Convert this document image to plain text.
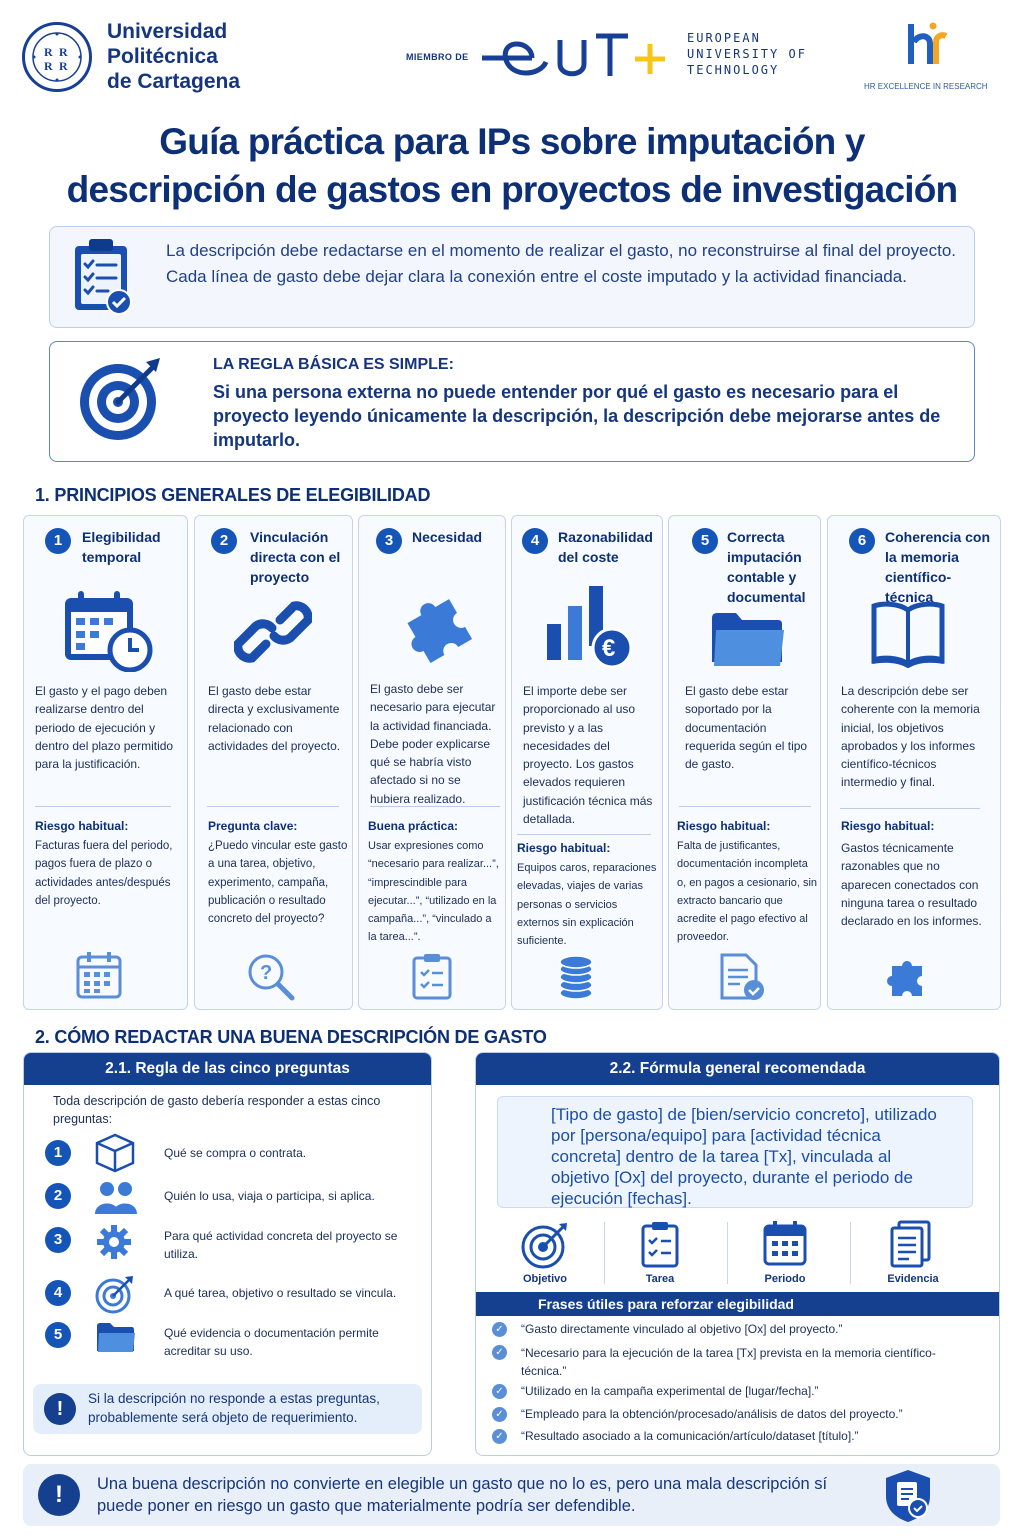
R R
R R
Universidad
Politécnica
de Cartagena
MIEMBRO DE
EUROPEAN
UNIVERSITY OF
TECHNOLOGY
HR EXCELLENCE IN RESEARCH
Guía práctica para IPs sobre imputación y
descripción de gastos en proyectos de investigación
La descripción debe redactarse en el momento de realizar el gasto, no reconstruirse al final del proyecto. Cada línea de gasto debe dejar clara la conexión entre el coste imputado y la actividad financiada.
LA REGLA BÁSICA ES SIMPLE:
Si una persona externa no puede entender por qué el gasto es necesario para el proyecto leyendo únicamente la descripción, la descripción debe mejorarse antes de imputarlo.
1. PRINCIPIOS GENERALES DE ELEGIBILIDAD
1	Elegibilidad temporal
El gasto y el pago deben realizarse dentro del periodo de ejecución y dentro del plazo permitido para la justificación.
Riesgo habitual:
Facturas fuera del periodo, pagos fuera de plazo o actividades antes/después del proyecto.
2	Vinculación directa con el proyecto
El gasto debe estar directa y exclusivamente relacionado con actividades del proyecto.
Pregunta clave:
¿Puedo vincular este gasto a una tarea, objetivo, experimento, campaña, publicación o resultado concreto del proyecto?
?
3	Necesidad
El gasto debe ser necesario para ejecutar la actividad financiada. Debe poder explicarse qué se habría visto afectado si no se hubiera realizado.
Buena práctica:
Usar expresiones como “necesario para realizar...”, “imprescindible para ejecutar...”, “utilizado en la campaña...”, “vinculado a la tarea...”.
4	Razonabilidad del coste
€
El importe debe ser proporcionado al uso previsto y a las necesidades del proyecto. Los gastos elevados requieren justificación técnica más detallada.
Riesgo habitual:
Equipos caros, reparaciones elevadas, viajes de varias personas o servicios externos sin explicación suficiente.
5	Correcta imputación contable y documental
El gasto debe estar soportado por la documentación requerida según el tipo de gasto.
Riesgo habitual:
Falta de justificantes, documentación incompleta o, en pagos a cesionario, sin extracto bancario que acredite el pago efectivo al proveedor.
6	Coherencia con la memoria científico-técnica
La descripción debe ser coherente con la memoria inicial, los objetivos aprobados y los informes científico-técnicos intermedio y final.
Riesgo habitual:
Gastos técnicamente razonables que no aparecen conectados con ninguna tarea o resultado declarado en los informes.
2. CÓMO REDACTAR UNA BUENA DESCRIPCIÓN DE GASTO
2.1. Regla de las cinco preguntas
Toda descripción de gasto debería responder a estas cinco preguntas:
1	Qué se compra o contrata.
2	Quién lo usa, viaja o participa, si aplica.
3	Para qué actividad concreta del proyecto se utiliza.
4	A qué tarea, objetivo o resultado se vincula.
5	Qué evidencia o documentación permite acreditar su uso.
!	Si la descripción no responde a estas preguntas, probablemente será objeto de requerimiento.
2.2. Fórmula general recomendada
[Tipo de gasto] de [bien/servicio concreto], utilizado por [persona/equipo] para [actividad técnica concreta] dentro de la tarea [Tx], vinculada al objetivo [Ox] del proyecto, durante el periodo de ejecución [fechas].
Objetivo	Tarea	Periodo	Evidencia
Frases útiles para reforzar elegibilidad
✓ “Gasto directamente vinculado al objetivo [Ox] del proyecto.”
✓ “Necesario para la ejecución de la tarea [Tx] prevista en la memoria científico-técnica.”
✓ “Utilizado en la campaña experimental de [lugar/fecha].”
✓ “Empleado para la obtención/procesado/análisis de datos del proyecto.”
✓ “Resultado asociado a la comunicación/artículo/dataset [título].”
!	Una buena descripción no convierte en elegible un gasto que no lo es, pero una mala descripción sí puede poner en riesgo un gasto que materialmente podría ser defendible.
